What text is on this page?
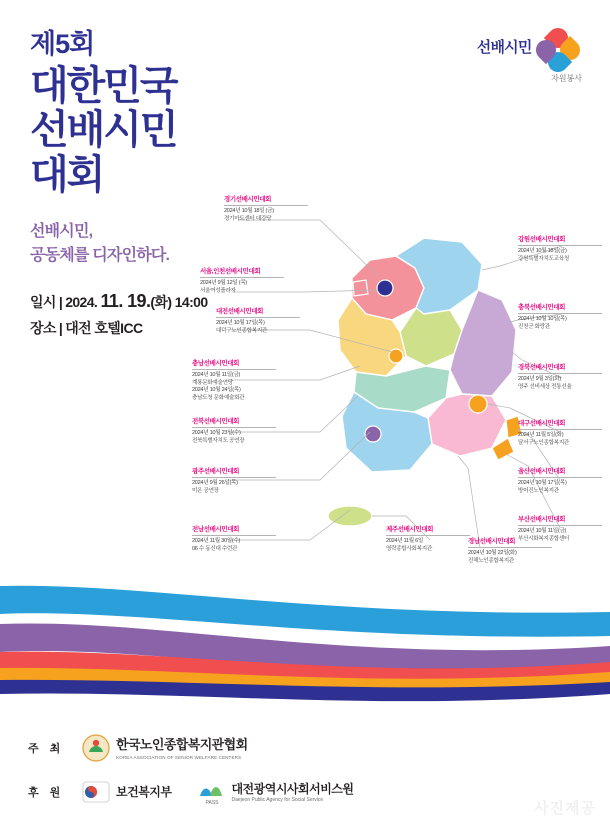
제5회
대한민국
선배시민
대회
선배시민,
공동체를 디자인하다.
일시 | 2024. 11. 19.(화) 14:00
장소 | 대전 호텔ICC
선배시민
자원봉사
경기선배시민대회
2024년 10월 18일 (금)
경기마트센터 대강당
서울,인천선배시민대회
2024년 9월 12일 (목)
서울여성플라자
대전선배시민대회
2024년 10월 17일(목)
대덕구노인종합복지관
충남선배시민대회
2024년 10월 11일(금)
계룡문화예술연당
2024년 10월 24일(목)
충남도청 문화예술회관
전북선배시민대회
2024년 10월 23일(수)
전북특별자치도 공연장
광주선배시민대회
2024년 9월 26일(목)
미온 공연장
전남선배시민대회
2024년 11월 30일(수)
06 수 동신대 수련관
제주선배시민대회
2024년 11월 6일
영락종합사회복지관
경남선배시민대회
2024년 10월 22일(화)
진해노인종합복지관
부산선배시민대회
2024년 10월 11일(금)
부산시화복지종합센터
울산선배시민대회
2024년 10월 17일(목)
방어진노인복지관
대구선배시민대회
2024년 11월 5일(화)
달서구노인종합복지관
경북선배시민대회
2024년 9월 3일(화)
영주 선비세상 전통선율
충북선배시민대회
2024년 10월 10일(목)
진천군 화랑관
강원선배시민대회
2024년 10월 18일(금)
강원특별자치도교육청
주 최	한국노인종합복지관협회
KOREA ASSOCIATION OF SENIOR WELFARE CENTERS
후 원	보건복지부
PASS
대전광역시사회서비스원
Daejeon Public Agency for Social Service	사진제공
